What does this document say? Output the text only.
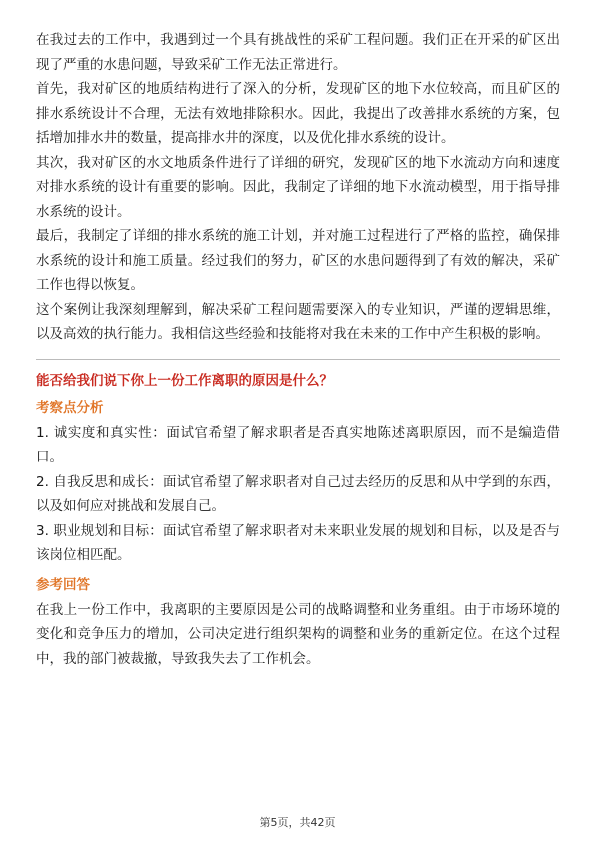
在我过去的工作中，我遇到过一个具有挑战性的采矿工程问题。我们正在开采的矿区出现了严重的水患问题，导致采矿工作无法正常进行。

首先，我对矿区的地质结构进行了深入的分析，发现矿区的地下水位较高，而且矿区的排水系统设计不合理，无法有效地排除积水。因此，我提出了改善排水系统的方案，包括增加排水井的数量，提高排水井的深度，以及优化排水系统的设计。

其次，我对矿区的水文地质条件进行了详细的研究，发现矿区的地下水流动方向和速度对排水系统的设计有重要的影响。因此，我制定了详细的地下水流动模型，用于指导排水系统的设计。

最后，我制定了详细的排水系统的施工计划，并对施工过程进行了严格的监控，确保排水系统的设计和施工质量。经过我们的努力，矿区的水患问题得到了有效的解决，采矿工作也得以恢复。

这个案例让我深刻理解到，解决采矿工程问题需要深入的专业知识，严谨的逻辑思维，以及高效的执行能力。我相信这些经验和技能将对我在未来的工作中产生积极的影响。

能否给我们说下你上一份工作离职的原因是什么？
考察点分析

1. 诚实度和真实性：面试官希望了解求职者是否真实地陈述离职原因，而不是编造借口。

2. 自我反思和成长：面试官希望了解求职者对自己过去经历的反思和从中学到的东西，以及如何应对挑战和发展自己。

3. 职业规划和目标：面试官希望了解求职者对未来职业发展的规划和目标，以及是否与该岗位相匹配。

参考回答

在我上一份工作中，我离职的主要原因是公司的战略调整和业务重组。由于市场环境的变化和竞争压力的增加，公司决定进行组织架构的调整和业务的重新定位。在这个过程中，我的部门被裁撤，导致我失去了工作机会。

第5页，共42页
